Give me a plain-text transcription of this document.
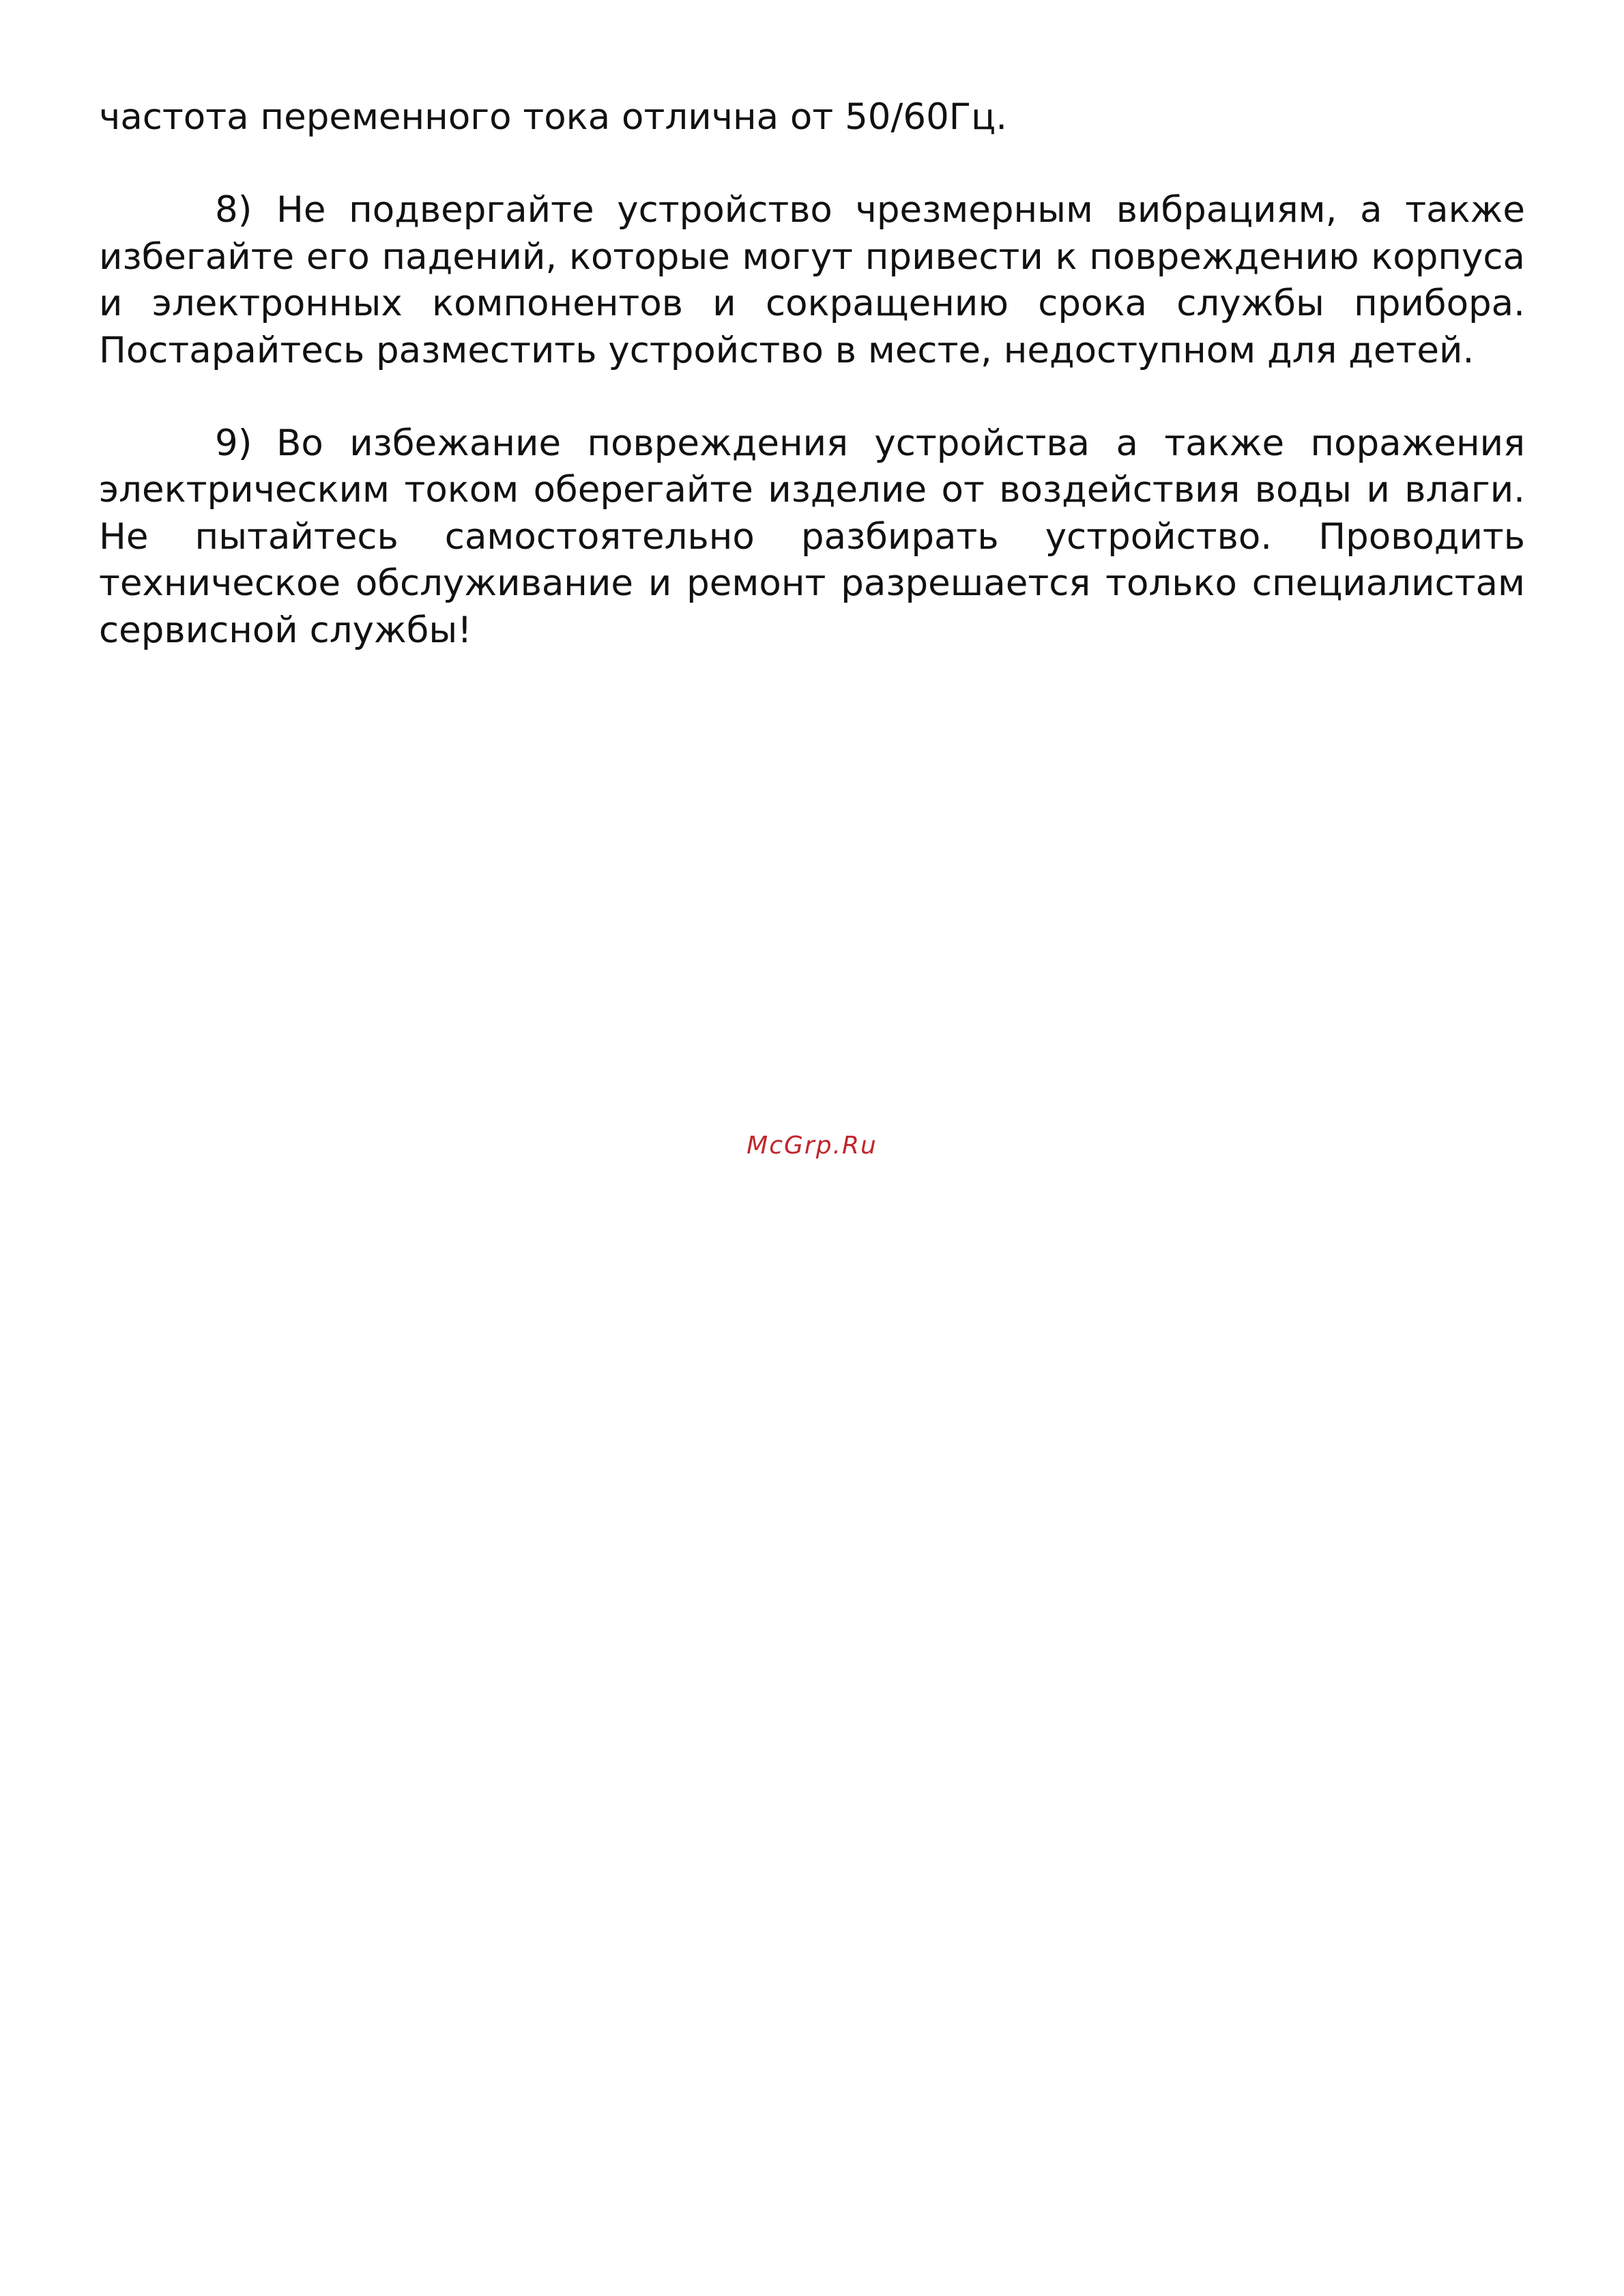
частота переменного тока отлична от 50/60Гц.

8) Не подвергайте устройство чрезмерным вибрациям, а также избегайте его падений, которые могут привести к повреждению корпуса и электронных компонентов и сокращению срока службы прибора. Постарайтесь разместить устройство в месте, недоступном для детей.

9) Во избежание повреждения устройства а также поражения электрическим током оберегайте изделие от воздействия воды и влаги. Не пытайтесь самостоятельно разбирать устройство. Проводить техническое обслуживание и ремонт разрешается только специалистам сервисной службы!

McGrp.Ru
